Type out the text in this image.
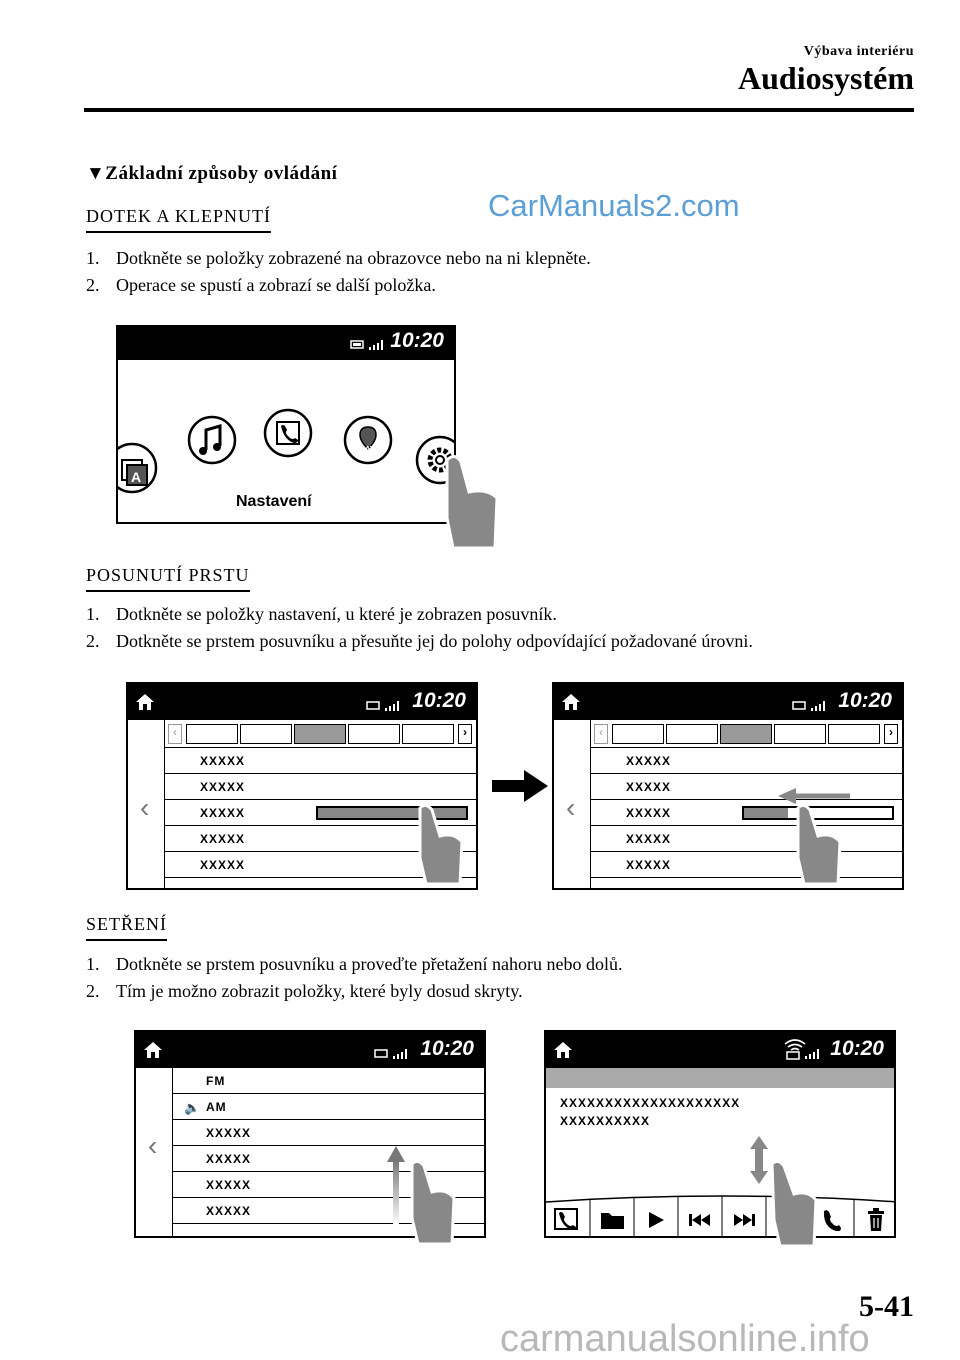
Výbava interiéru
Audiosystém
▼Základní způsoby ovládání
CarManuals2.com
DOTEK A KLEPNUTÍ
1. Dotkněte se položky zobrazené na obrazovce nebo na ni klepněte.
2. Operace se spustí a zobrazí se další položka.
10:20
A
NAV
Nastavení
POSUNUTÍ PRSTU
1. Dotkněte se položky nastavení, u které je zobrazen posuvník.
2. Dotkněte se prstem posuvníku a přesuňte jej do polohy odpovídající požadované úrovni.
10:20
‹
‹	›
XXXXX
XXXXX
XXXXX
XXXXX
XXXXX
10:20
‹
‹	›
XXXXX
XXXXX
XXXXX
XXXXX
XXXXX
SETŘENÍ
1. Dotkněte se prstem posuvníku a proveďte přetažení nahoru nebo dolů.
2. Tím je možno zobrazit položky, které byly dosud skryty.
10:20
‹
FM
🔈 AM
XXXXX
XXXXX
XXXXX
XXXXX
10:20
XXXXXXXXXXXXXXXXXXXX
XXXXXXXXXX
5-41
carmanualsonline.info
